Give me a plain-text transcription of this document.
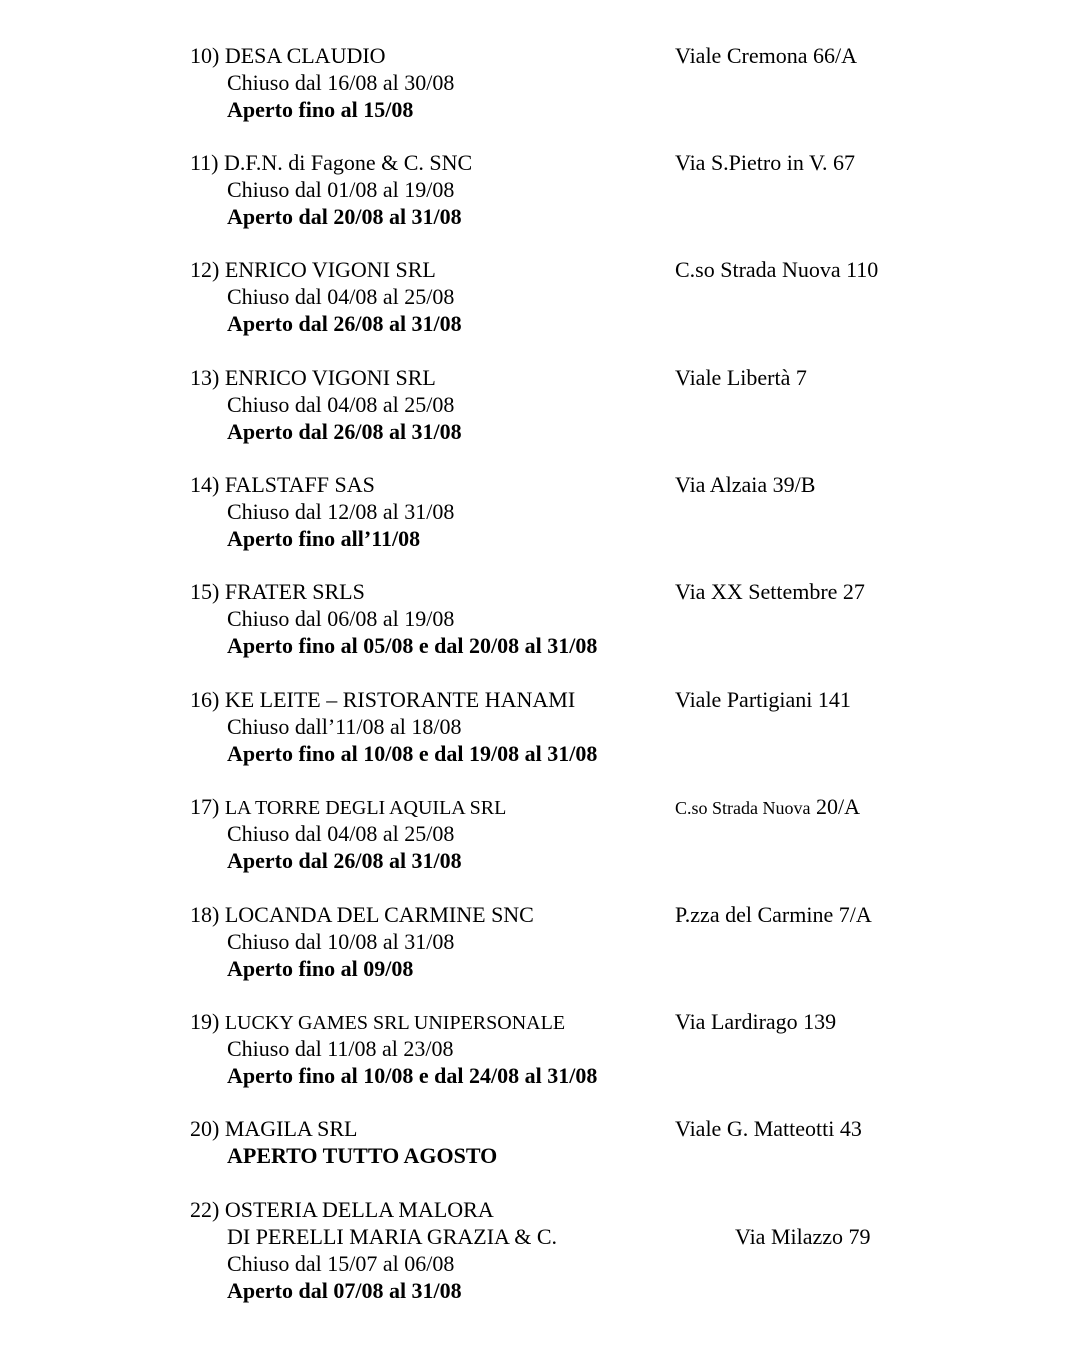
10) DESA CLAUDIO	Viale Cremona 66/A
Chiuso dal 16/08 al 30/08
Aperto fino al 15/08
11) D.F.N. di Fagone & C. SNC	Via S.Pietro in V. 67
Chiuso dal 01/08 al 19/08
Aperto dal 20/08 al 31/08
12) ENRICO VIGONI SRL	C.so Strada Nuova 110
Chiuso dal 04/08 al 25/08
Aperto dal 26/08 al 31/08
13) ENRICO VIGONI SRL	Viale Libertà 7
Chiuso dal 04/08 al 25/08
Aperto dal 26/08 al 31/08
14) FALSTAFF SAS	Via Alzaia 39/B
Chiuso dal 12/08 al 31/08
Aperto fino all’11/08
15) FRATER SRLS	Via XX Settembre 27
Chiuso dal 06/08 al 19/08
Aperto fino al 05/08 e dal 20/08 al 31/08
16) KE LEITE – RISTORANTE HANAMI	Viale Partigiani 141
Chiuso dall’11/08 al 18/08
Aperto fino al 10/08 e dal 19/08 al 31/08
17) LA TORRE DEGLI AQUILA SRL	C.so Strada Nuova 20/A
Chiuso dal 04/08 al 25/08
Aperto dal 26/08 al 31/08
18) LOCANDA DEL CARMINE SNC	P.zza del Carmine 7/A
Chiuso dal 10/08 al 31/08
Aperto fino al 09/08
19) LUCKY GAMES SRL UNIPERSONALE	Via Lardirago 139
Chiuso dal 11/08 al 23/08
Aperto fino al 10/08 e dal 24/08 al 31/08
20) MAGILA SRL	Viale G. Matteotti 43
APERTO TUTTO AGOSTO
22) OSTERIA DELLA MALORA
DI PERELLI MARIA GRAZIA & C.	Via Milazzo 79
Chiuso dal 15/07 al 06/08
Aperto dal 07/08 al 31/08
